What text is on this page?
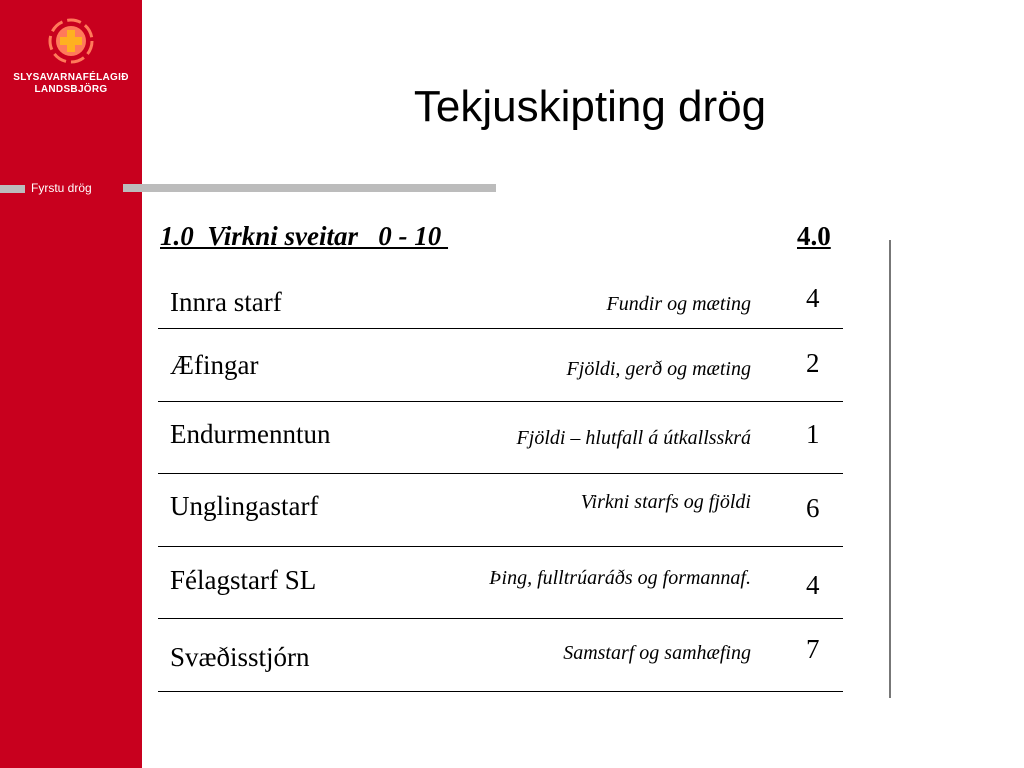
SLYSAVARNAFÉLAGIÐ
LANDSBJÖRG
Fyrstu drög
Tekjuskipting drög
1.0  Virkni sveitar   0 - 10	4.0
Innra starf	Fundir og mæting 4
Æfingar	Fjöldi, gerð og mæting 2
Endurmenntun	Fjöldi – hlutfall á útkallsskrá 1
Unglingastarf	Virkni starfs og fjöldi 6
Félagstarf SL	Þing, fulltrúaráðs og formannaf. 4
Svæðisstjórn	Samstarf og samhæfing 7
